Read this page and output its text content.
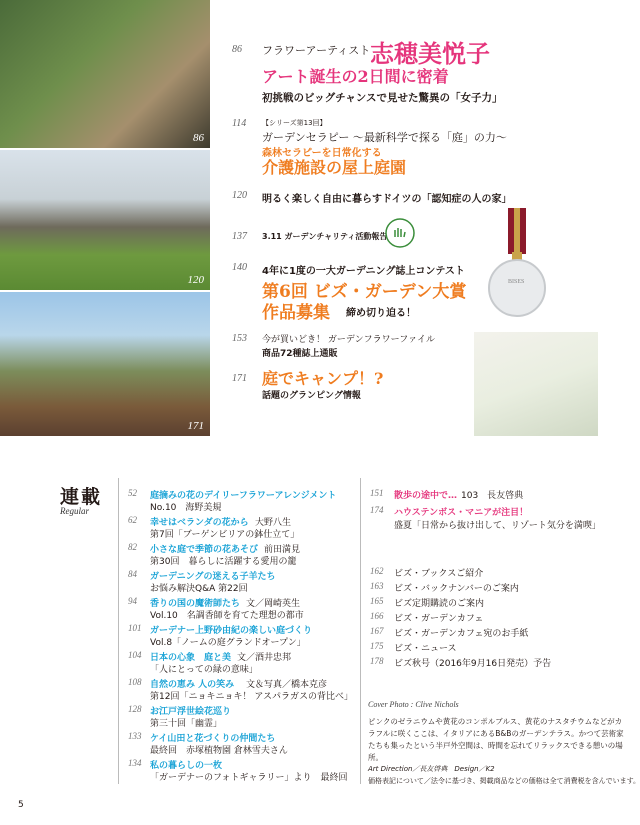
86
120
171
86 フラワーアーティスト 志穂美悦子
アート誕生の2日間に密着
初挑戦のビッグチャンスで見せた驚異の「女子力」
114 【シリーズ第13回】
ガーデンセラピー ～最新科学で探る「庭」の力～
森林セラピーを日常化する
介護施設の屋上庭園
120 明るく楽しく自由に暮らすドイツの「認知症の人の家」
137 3.11 ガーデンチャリティ活動報告
140 4年に1度の一大ガーデニング誌上コンテスト
第6回 ビズ・ガーデン大賞
作品募集 締め切り迫る！
153 今が買いどき！ ガーデンフラワーファイル
商品72種誌上通販
171 庭でキャンプ！?
話題のグランピング情報
BISES
連載
Regular
52 庭摘みの花のデイリーフラワーアレンジメント
No.10　海野美規
62 幸せはベランダの花から 大野八生
第7回「ブーゲンビリアの鉢仕立て」
82 小さな庭で季節の花あそび 前田満見
第30回　暮らしに活躍する愛用の籠
84 ガーデニングの迷える子羊たち
お悩み解決Q&A 第22回
94 香りの国の魔術師たち 文／岡崎英生
Vol.10　名調香師を育てた理想の都市
101 ガーデナー上野砂由紀の楽しい庭づくり
Vol.8「ノームの庭グランドオープン」
104 日本の心象　庭と美 文／酒井忠邦
「人にとっての緑の意味」
108 自然の恵み 人の笑み 文＆写真／橋本克彦
第12回「ニョキニョキ！ アスパラガスの背比べ」
128 お江戸浮世絵花巡り
第三十回「幽霊」
133 ケイ山田と花づくりの仲間たち
最終回　赤塚植物園 倉林雪夫さん
134 私の暮らしの一枚
「ガーデナーのフォトギャラリー」より　最終回
151 散歩の途中で… 103　長友啓典
174 ハウステンボス・マニアが注目！
盛夏「日常から抜け出して、リゾート気分を満喫」
162 ビズ・ブックスご紹介
163 ビズ・バックナンバーのご案内
165 ビズ定期購読のご案内
166 ビズ・ガーデンカフェ
167 ビズ・ガーデンカフェ宛のお手紙
175 ビズ・ニュース
178 ビズ秋号（2016年9月16日発売）予告
Cover Photo : Clive Nichols
ピンクのゼラニウムや黄花のコンポルブルス、黄花のナスタチウムなどがカラフルに咲くここは、イタリアにあるB&Bのガーデンテラス。かつて芸術家たちも集ったという半戸外空間は、時間を忘れてリラックスできる憩いの場所。
Art Direction／長友啓典　Design／K2
価格表記について／法令に基づき、掲載商品などの価格は全て消費税を含んでいます。
5
